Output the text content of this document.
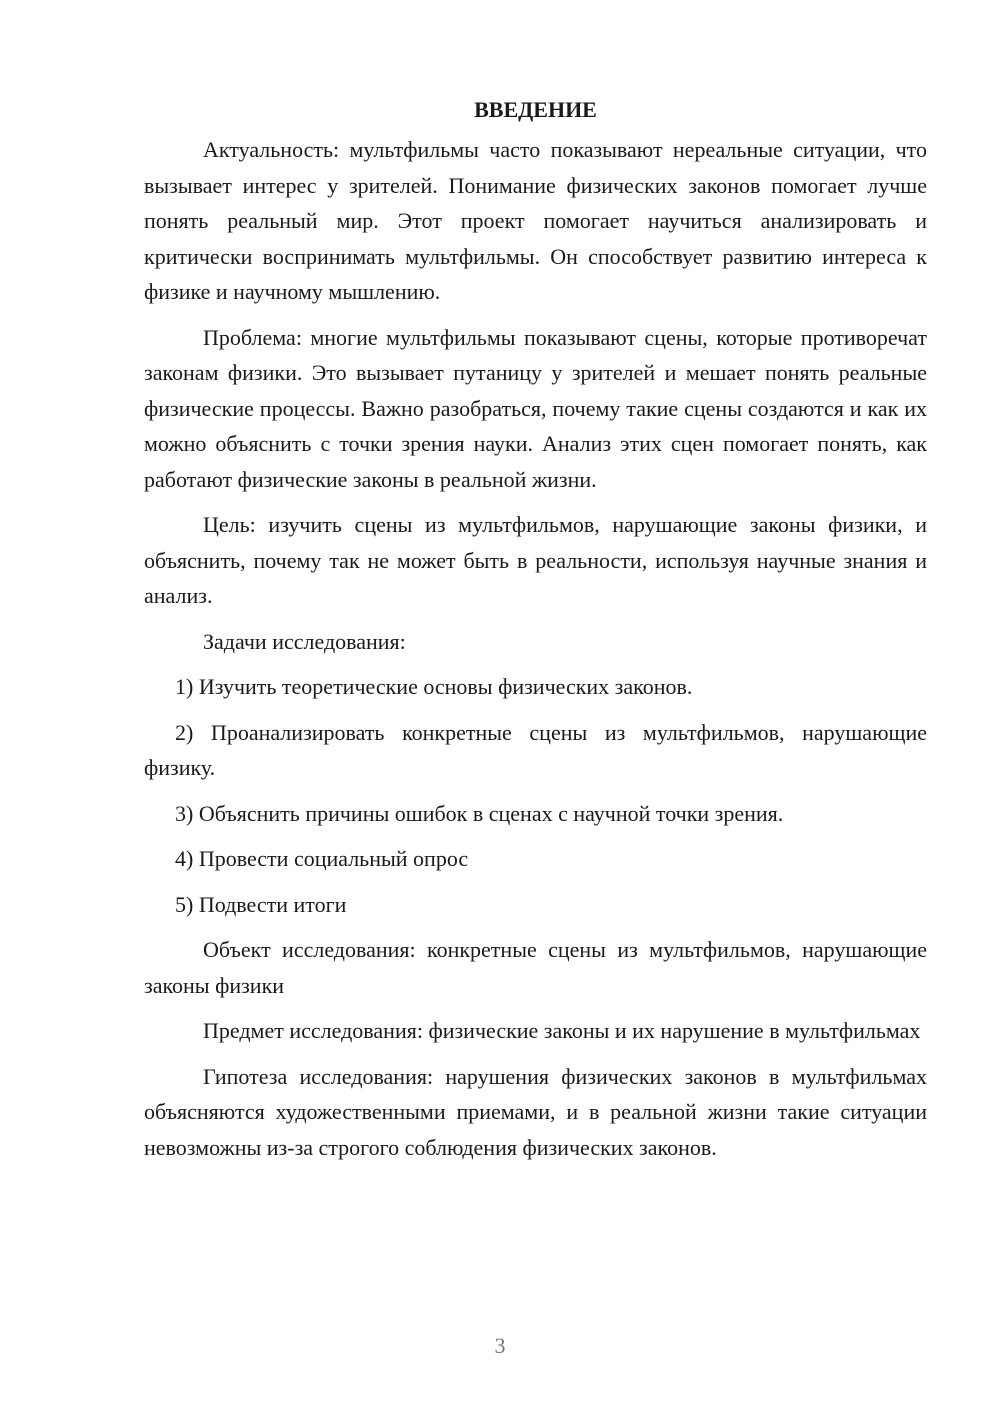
ВВЕДЕНИЕ

Актуальность: мультфильмы часто показывают нереальные ситуации, что вызывает интерес у зрителей. Понимание физических законов помогает лучше понять реальный мир. Этот проект помогает научиться анализировать и критически воспринимать мультфильмы. Он способствует развитию интереса к физике и научному мышлению.

Проблема: многие мультфильмы показывают сцены, которые противоречат законам физики. Это вызывает путаницу у зрителей и мешает понять реальные физические процессы. Важно разобраться, почему такие сцены создаются и как их можно объяснить с точки зрения науки. Анализ этих сцен помогает понять, как работают физические законы в реальной жизни.

Цель: изучить сцены из мультфильмов, нарушающие законы физики, и объяснить, почему так не может быть в реальности, используя научные знания и анализ.

Задачи исследования:

1) Изучить теоретические основы физических законов.

2) Проанализировать конкретные сцены из мультфильмов, нарушающие физику.

3) Объяснить причины ошибок в сценах с научной точки зрения.

4) Провести социальный опрос

5) Подвести итоги

Объект исследования: конкретные сцены из мультфильмов, нарушающие законы физики

Предмет исследования: физические законы и их нарушение в мультфильмах

Гипотеза исследования: нарушения физических законов в мультфильмах объясняются художественными приемами, и в реальной жизни такие ситуации невозможны из-за строгого соблюдения физических законов.

3
